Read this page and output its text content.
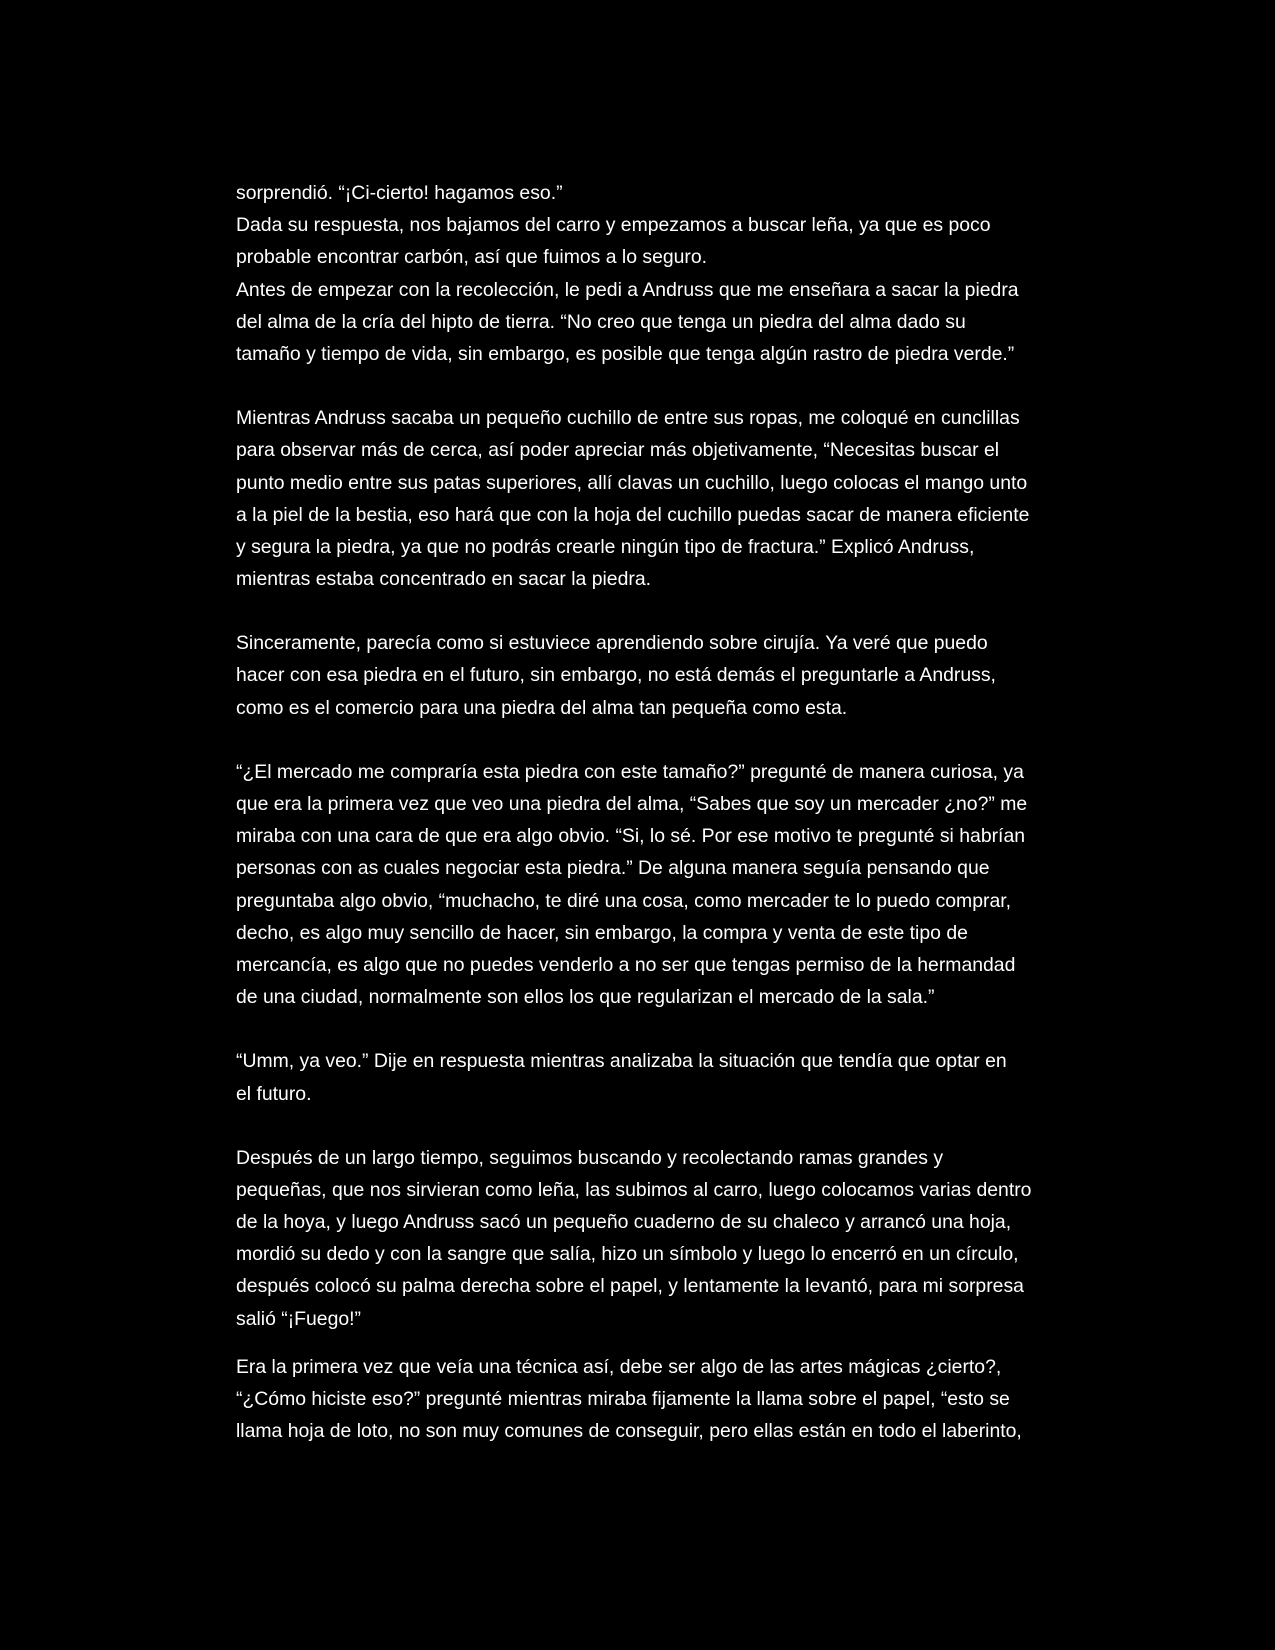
sorprendió. “¡Ci-cierto! hagamos eso.”
Dada su respuesta, nos bajamos del carro y empezamos a buscar leña, ya que es poco
probable encontrar carbón, así que fuimos a lo seguro.
Antes de empezar con la recolección, le pedi a Andruss que me enseñara a sacar la piedra
del alma de la cría del hipto de tierra. “No creo que tenga un piedra del alma dado su
tamaño y tiempo de vida, sin embargo, es posible que tenga algún rastro de piedra verde.”
Mientras Andruss sacaba un pequeño cuchillo de entre sus ropas, me coloqué en cunclillas
para observar más de cerca, así poder apreciar más objetivamente, “Necesitas buscar el
punto medio entre sus patas superiores, allí clavas un cuchillo, luego colocas el mango unto
a la piel de la bestia, eso hará que con la hoja del cuchillo puedas sacar de manera eficiente
y segura la piedra, ya que no podrás crearle ningún tipo de fractura.” Explicó Andruss,
mientras estaba concentrado en sacar la piedra.
Sinceramente, parecía como si estuviece aprendiendo sobre cirujía. Ya veré que puedo
hacer con esa piedra en el futuro, sin embargo, no está demás el preguntarle a Andruss,
como es el comercio para una piedra del alma tan pequeña como esta.
“¿El mercado me compraría esta piedra con este tamaño?” pregunté de manera curiosa, ya
que era la primera vez que veo una piedra del alma, “Sabes que soy un mercader ¿no?” me
miraba con una cara de que era algo obvio. “Si, lo sé. Por ese motivo te pregunté si habrían
personas con as cuales negociar esta piedra.” De alguna manera seguía pensando que
preguntaba algo obvio, “muchacho, te diré una cosa, como mercader te lo puedo comprar,
decho, es algo muy sencillo de hacer, sin embargo, la compra y venta de este tipo de
mercancía, es algo que no puedes venderlo a no ser que tengas permiso de la hermandad
de una ciudad, normalmente son ellos los que regularizan el mercado de la sala.”
“Umm, ya veo.” Dije en respuesta mientras analizaba la situación que tendía que optar en
el futuro.
Después de un largo tiempo, seguimos buscando y recolectando ramas grandes y
pequeñas, que nos sirvieran como leña, las subimos al carro, luego colocamos varias dentro
de la hoya, y luego Andruss sacó un pequeño cuaderno de su chaleco y arrancó una hoja,
mordió su dedo y con la sangre que salía, hizo un símbolo y luego lo encerró en un círculo,
después colocó su palma derecha sobre el papel, y lentamente la levantó, para mi sorpresa
salió “¡Fuego!”
Era la primera vez que veía una técnica así, debe ser algo de las artes mágicas ¿cierto?,
“¿Cómo hiciste eso?” pregunté mientras miraba fijamente la llama sobre el papel, “esto se
llama hoja de loto, no son muy comunes de conseguir, pero ellas están en todo el laberinto,
